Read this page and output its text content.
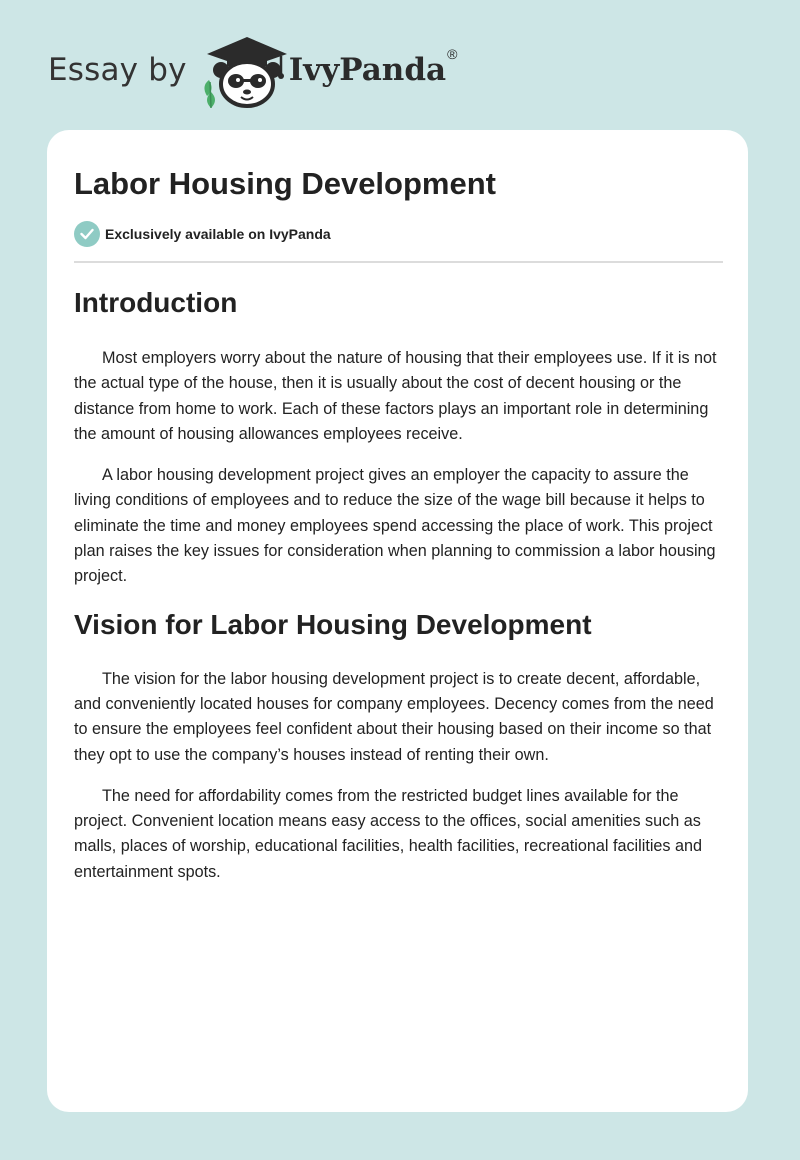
Essay by	IvyPanda®
Labor Housing Development
Exclusively available on IvyPanda
Introduction

Most employers worry about the nature of housing that their employees use. If it is not the actual type of the house, then it is usually about the cost of decent housing or the distance from home to work. Each of these factors plays an important role in determining the amount of housing allowances employees receive.

A labor housing development project gives an employer the capacity to assure the living conditions of employees and to reduce the size of the wage bill because it helps to eliminate the time and money employees spend accessing the place of work. This project plan raises the key issues for consideration when planning to commission a labor housing project.

Vision for Labor Housing Development

The vision for the labor housing development project is to create decent, affordable, and conveniently located houses for company employees. Decency comes from the need to ensure the employees feel confident about their housing based on their income so that they opt to use the company’s houses instead of renting their own.

The need for affordability comes from the restricted budget lines available for the project. Convenient location means easy access to the offices, social amenities such as malls, places of worship, educational facilities, health facilities, recreational facilities and entertainment spots.
